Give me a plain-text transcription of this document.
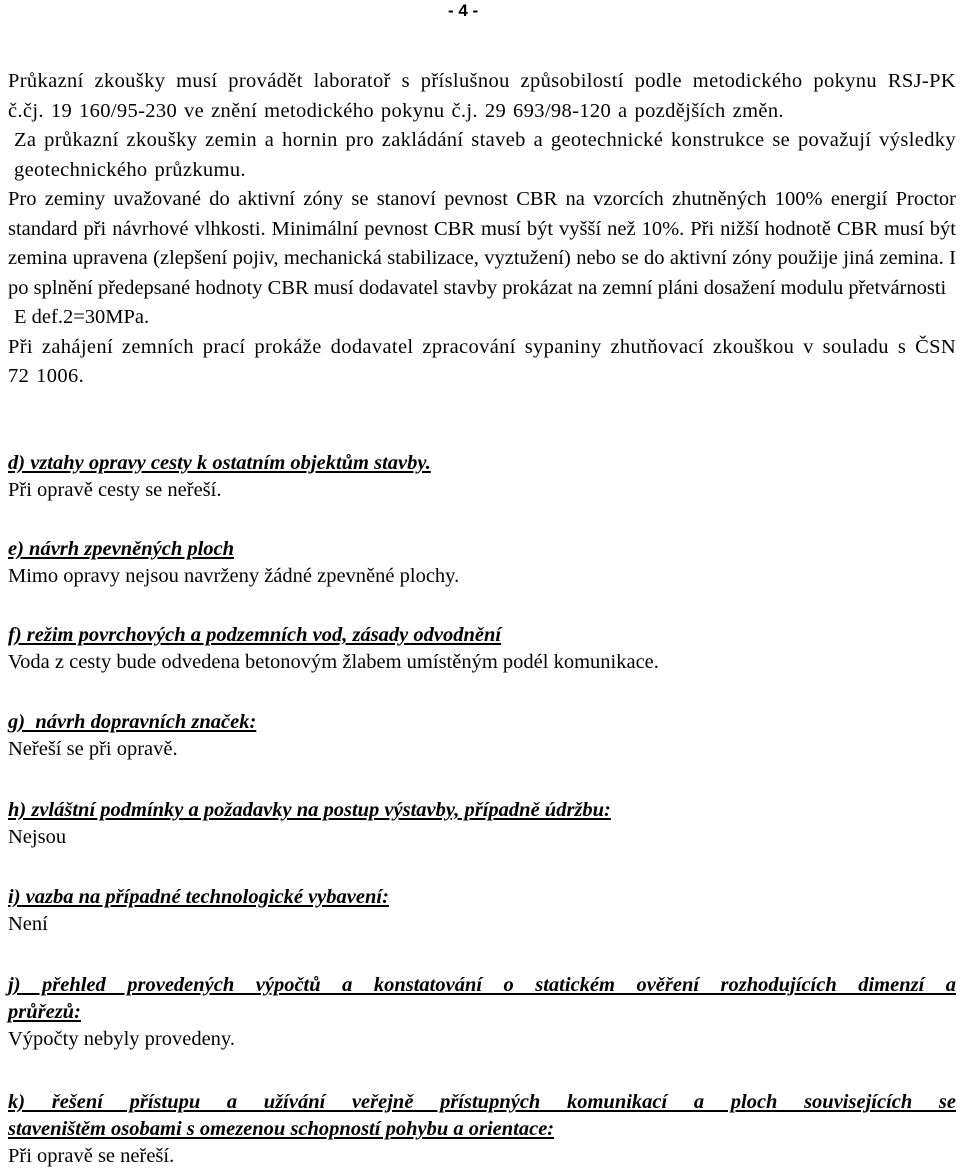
- 4 -

Průkazní zkoušky musí provádět laboratoř s příslušnou způsobilostí podle metodického pokynu RSJ-PK č.čj. 19 160/95-230 ve znění metodického pokynu č.j. 29 693/98-120 a pozdějších změn.

Za průkazní zkoušky zemin a hornin pro zakládání staveb a geotechnické konstrukce se považují výsledky geotechnického průzkumu.

Pro zeminy uvažované do aktivní zóny se stanoví pevnost CBR na vzorcích zhutněných 100% energií Proctor standard při návrhové vlhkosti. Minimální pevnost CBR musí být vyšší než 10%. Při nižší hodnotě CBR musí být zemina upravena (zlepšení pojiv, mechanická stabilizace, vyztužení) nebo se do aktivní zóny použije jiná zemina. I po splnění předepsané hodnoty CBR musí dodavatel stavby prokázat na zemní pláni dosažení modulu přetvárnosti

E def.2=30MPa.

Při zahájení zemních prací prokáže dodavatel zpracování sypaniny zhutňovací zkouškou v souladu s ČSN 72 1006.

d) vztahy opravy cesty k ostatním objektům stavby.

Při opravě cesty se neřeší.

e) návrh zpevněných ploch

Mimo opravy nejsou navrženy žádné zpevněné plochy.

f) režim povrchových a podzemních vod, zásady odvodnění

Voda z cesty bude odvedena betonovým žlabem umístěným podél komunikace.

g)  návrh dopravních značek:

Neřeší se při opravě.

h) zvláštní podmínky a požadavky na postup výstavby, případně údržbu:

Nejsou

i) vazba na případné technologické vybavení:

Není

j) přehled provedených výpočtů a konstatování o statickém ověření rozhodujících dimenzí a

průřezů:

Výpočty nebyly provedeny.

k) řešení přístupu a užívání veřejně přístupných komunikací a ploch souvisejících se

staveništěm osobami s omezenou schopností pohybu a orientace:

Při opravě se neřeší.
